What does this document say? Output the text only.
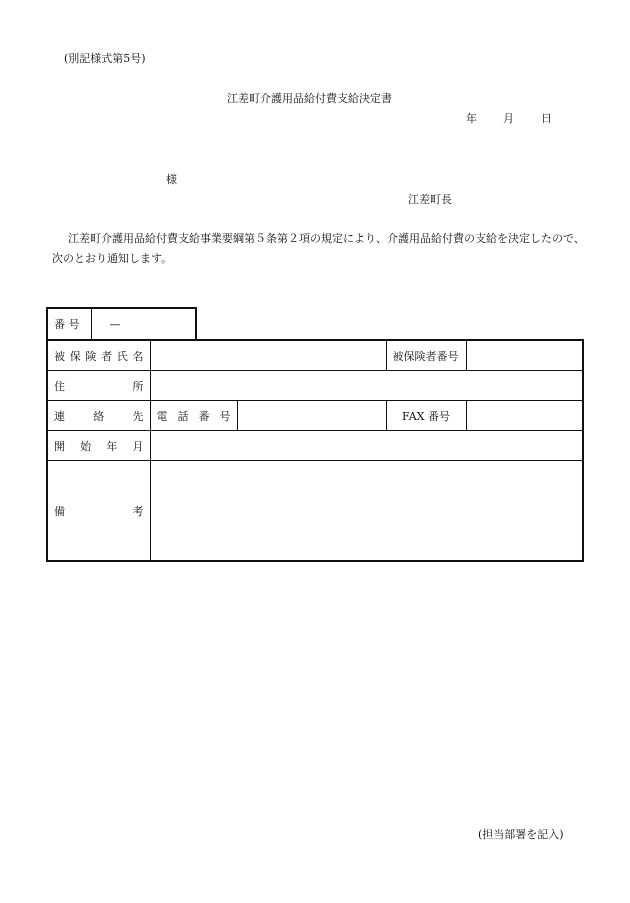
(別記様式第5号)
江差町介護用品給付費支給決定書
年 月 日
様
江差町長
江差町介護用品給付費支給事業要綱第５条第２項の規定により、介護用品給付費の支給を決定したので、次のとおり通知します。
番 号	—
被保険者氏名			被保険者番号	

住所				

連絡先	電話番号		FAX 番号	

開始年月				

備考				

(担当部署を記入)
